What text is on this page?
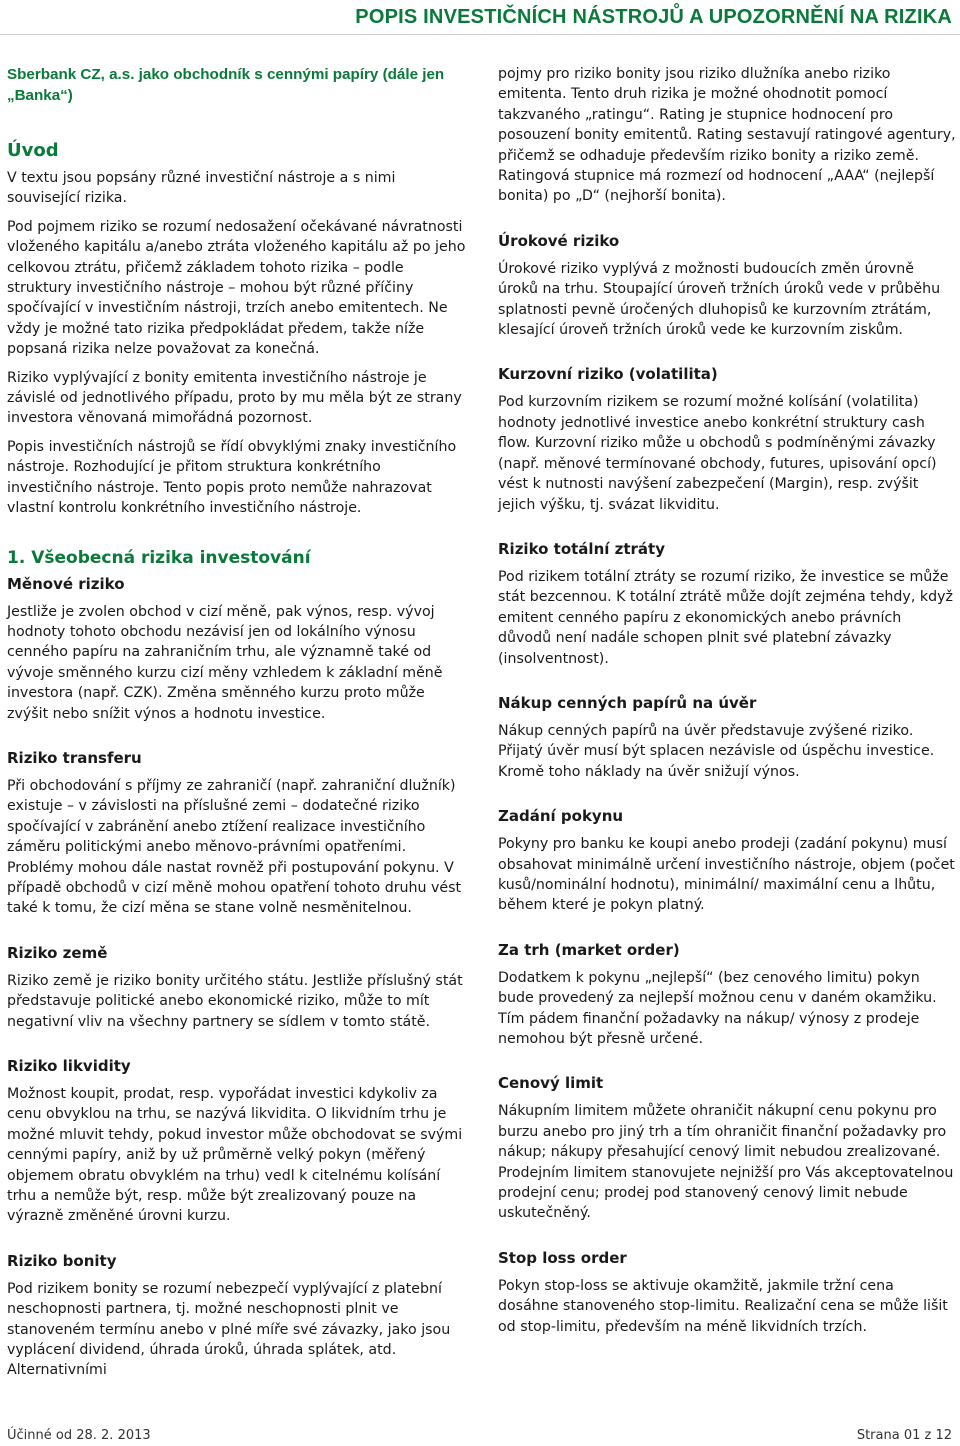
POPIS INVESTIČNÍCH NÁSTROJŮ A UPOZORNĚNÍ NA RIZIKA
Sberbank CZ, a.s. jako obchodník s cennými papíry (dále jen „Banka“)
Úvod

V textu jsou popsány různé investiční nástroje a s nimi související rizika.

Pod pojmem riziko se rozumí nedosažení očekávané návratnosti vloženého kapitálu a/anebo ztráta vloženého kapitálu až po jeho celkovou ztrátu, přičemž základem tohoto rizika – podle struktury investičního nástroje – mohou být různé příčiny spočívající v investičním nástroji, trzích anebo emitentech. Ne vždy je možné tato rizika předpokládat předem, takže níže popsaná rizika nelze považovat za konečná.

Riziko vyplývající z bonity emitenta investičního nástroje je závislé od jednotlivého případu, proto by mu měla být ze strany investora věnovaná mimořádná pozornost.

Popis investičních nástrojů se řídí obvyklými znaky investičního nástroje. Rozhodující je přitom struktura konkrétního investičního nástroje. Tento popis proto nemůže nahrazovat vlastní kontrolu konkrétního investičního nástroje.

1. Všeobecná rizika investování
Měnové riziko

Jestliže je zvolen obchod v cizí měně, pak výnos, resp. vývoj hodnoty tohoto obchodu nezávisí jen od lokálního výnosu cenného papíru na zahraničním trhu, ale významně také od vývoje směnného kurzu cizí měny vzhledem k základní měně investora (např. CZK). Změna směnného kurzu proto může zvýšit nebo snížit výnos a hodnotu investice.

Riziko transferu

Při obchodování s příjmy ze zahraničí (např. zahraniční dlužník) existuje – v závislosti na příslušné zemi – dodatečné riziko spočívající v zabránění anebo ztížení realizace investičního záměru politickými anebo měnovo-právními opatřeními. Problémy mohou dále nastat rovněž při postupování pokynu. V případě obchodů v cizí měně mohou opatření tohoto druhu vést také k tomu, že cizí měna se stane volně nesměnitelnou.

Riziko země

Riziko země je riziko bonity určitého státu. Jestliže příslušný stát představuje politické anebo ekonomické riziko, může to mít negativní vliv na všechny partnery se sídlem v tomto státě.

Riziko likvidity

Možnost koupit, prodat, resp. vypořádat investici kdykoliv za cenu obvyklou na trhu, se nazývá likvidita. O likvidním trhu je možné mluvit tehdy, pokud investor může obchodovat se svými cennými papíry, aniž by už průměrně velký pokyn (měřený objemem obratu obvyklém na trhu) vedl k citelnému kolísání trhu a nemůže být, resp. může být zrealizovaný pouze na výrazně změněné úrovni kurzu.

Riziko bonity

Pod rizikem bonity se rozumí nebezpečí vyplývající z platební neschopnosti partnera, tj. možné neschopnosti plnit ve stanoveném termínu anebo v plné míře své závazky, jako jsou vyplácení dividend, úhrada úroků, úhrada splátek, atd. Alternativními

pojmy pro riziko bonity jsou riziko dlužníka anebo riziko emitenta. Tento druh rizika je možné ohodnotit pomocí takzvaného „ratingu“. Rating je stupnice hodnocení pro posouzení bonity emitentů. Rating sestavují ratingové agentury, přičemž se odhaduje především riziko bonity a riziko země. Ratingová stupnice má rozmezí od hodnocení „AAA“ (nejlepší bonita) po „D“ (nejhorší bonita).

Úrokové riziko

Úrokové riziko vyplývá z možnosti budoucích změn úrovně úroků na trhu. Stoupající úroveň tržních úroků vede v průběhu splatnosti pevně úročených dluhopisů ke kurzovním ztrátám, klesající úroveň tržních úroků vede ke kurzovním ziskům.

Kurzovní riziko (volatilita)

Pod kurzovním rizikem se rozumí možné kolísání (volatilita) hodnoty jednotlivé investice anebo konkrétní struktury cash flow. Kurzovní riziko může u obchodů s podmíněnými závazky (např. měnové termínované obchody, futures, upisování opcí) vést k nutnosti navýšení zabezpečení (Margin), resp. zvýšit jejich výšku, tj. svázat likviditu.

Riziko totální ztráty

Pod rizikem totální ztráty se rozumí riziko, že investice se může stát bezcennou. K totální ztrátě může dojít zejména tehdy, když emitent cenného papíru z ekonomických anebo právních důvodů není nadále schopen plnit své platební závazky (insolventnost).

Nákup cenných papírů na úvěr

Nákup cenných papírů na úvěr představuje zvýšené riziko. Přijatý úvěr musí být splacen nezávisle od úspěchu investice. Kromě toho náklady na úvěr snižují výnos.

Zadání pokynu

Pokyny pro banku ke koupi anebo prodeji (zadání pokynu) musí obsahovat minimálně určení investičního nástroje, objem (počet kusů/nominální hodnotu), minimální/ maximální cenu a lhůtu, během které je pokyn platný.

Za trh (market order)

Dodatkem k pokynu „nejlepší“ (bez cenového limitu) pokyn bude provedený za nejlepší možnou cenu v daném okamžiku. Tím pádem finanční požadavky na nákup/ výnosy z prodeje nemohou být přesně určené.

Cenový limit

Nákupním limitem můžete ohraničit nákupní cenu pokynu pro burzu anebo pro jiný trh a tím ohraničit finanční požadavky pro nákup; nákupy přesahující cenový limit nebudou zrealizované. Prodejním limitem stanovujete nejnižší pro Vás akceptovatelnou prodejní cenu; prodej pod stanovený cenový limit nebude uskutečněný.

Stop loss order

Pokyn stop-loss se aktivuje okamžitě, jakmile tržní cena dosáhne stanoveného stop-limitu. Realizační cena se může lišit od stop-limitu, především na méně likvidních trzích.

Účinné od 28. 2. 2013	Strana 01 z 12
